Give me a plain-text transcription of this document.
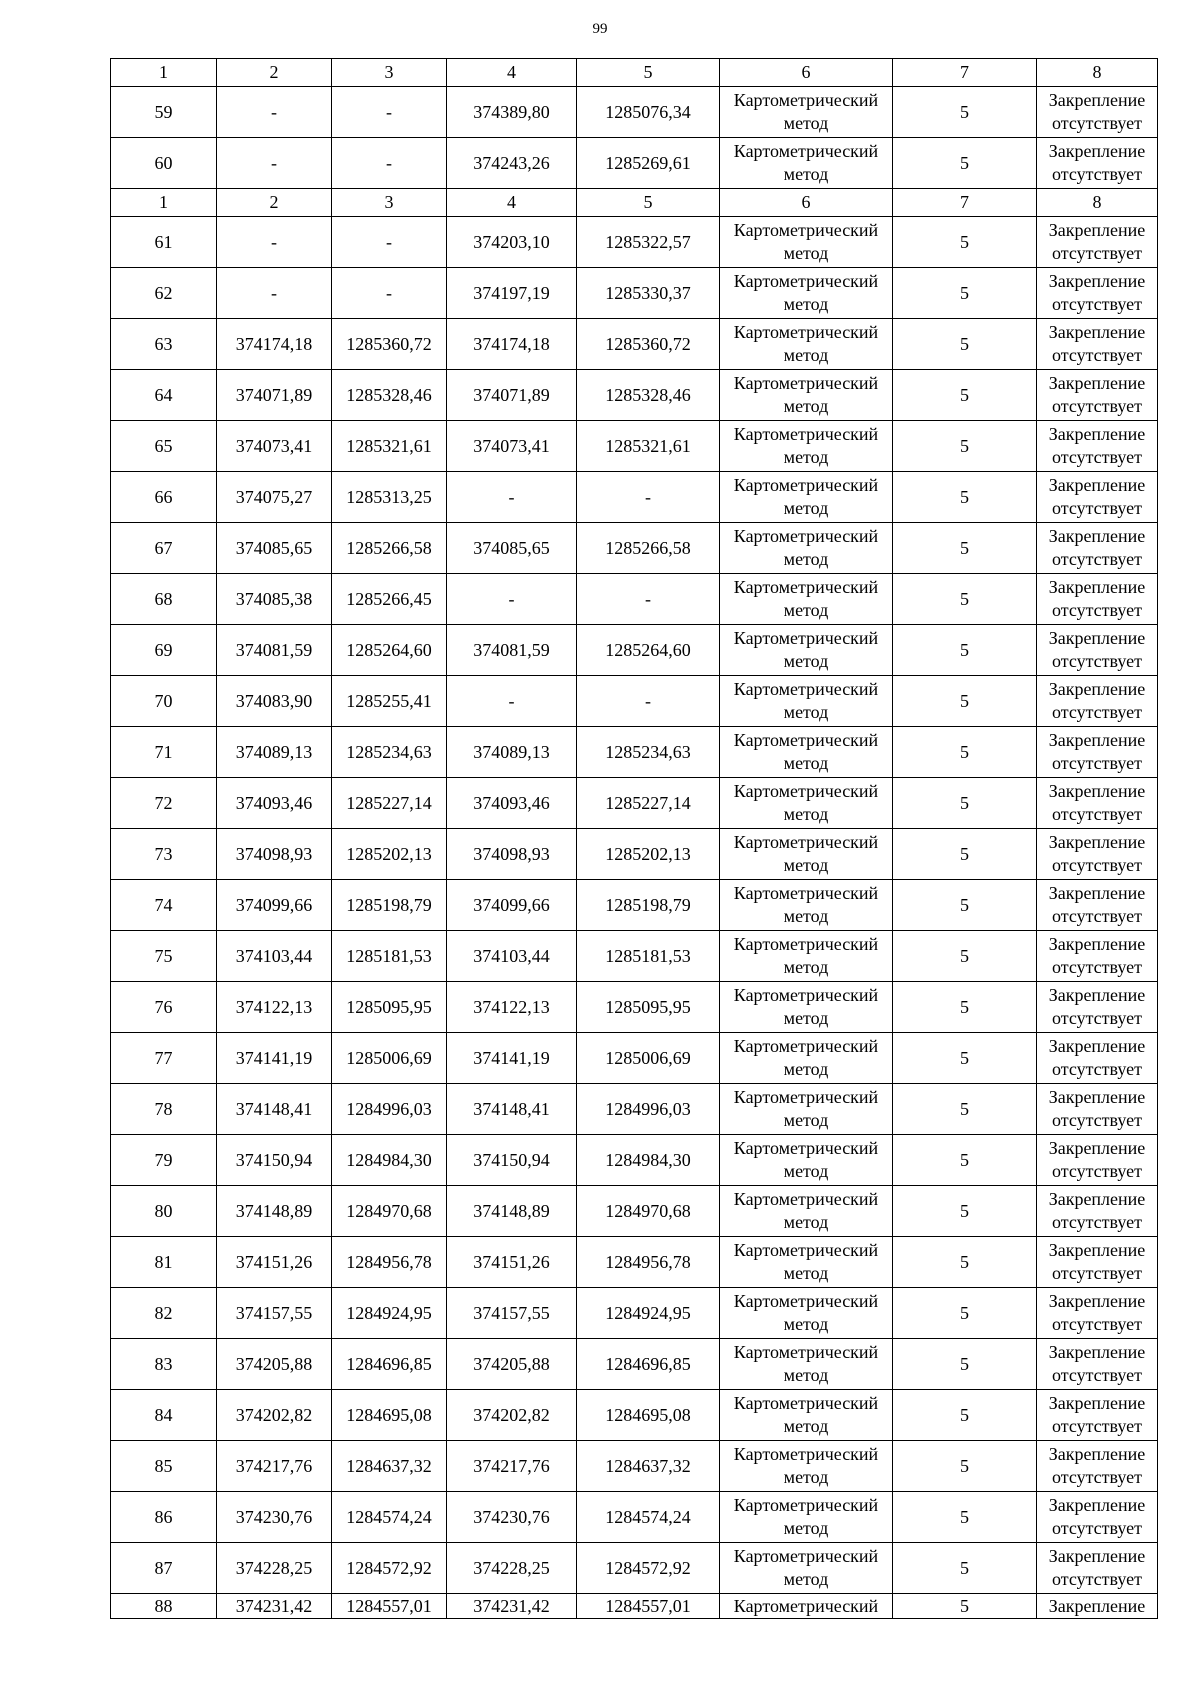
99
1	2	3	4	5	6	7	8
59	-	-	374389,80	1285076,34	Картометрический метод	5	Закрепление отсутствует
60	-	-	374243,26	1285269,61	Картометрический метод	5	Закрепление отсутствует
1	2	3	4	5	6	7	8
61	-	-	374203,10	1285322,57	Картометрический метод	5	Закрепление отсутствует
62	-	-	374197,19	1285330,37	Картометрический метод	5	Закрепление отсутствует
63	374174,18	1285360,72	374174,18	1285360,72	Картометрический метод	5	Закрепление отсутствует
64	374071,89	1285328,46	374071,89	1285328,46	Картометрический метод	5	Закрепление отсутствует
65	374073,41	1285321,61	374073,41	1285321,61	Картометрический метод	5	Закрепление отсутствует
66	374075,27	1285313,25	-	-	Картометрический метод	5	Закрепление отсутствует
67	374085,65	1285266,58	374085,65	1285266,58	Картометрический метод	5	Закрепление отсутствует
68	374085,38	1285266,45	-	-	Картометрический метод	5	Закрепление отсутствует
69	374081,59	1285264,60	374081,59	1285264,60	Картометрический метод	5	Закрепление отсутствует
70	374083,90	1285255,41	-	-	Картометрический метод	5	Закрепление отсутствует
71	374089,13	1285234,63	374089,13	1285234,63	Картометрический метод	5	Закрепление отсутствует
72	374093,46	1285227,14	374093,46	1285227,14	Картометрический метод	5	Закрепление отсутствует
73	374098,93	1285202,13	374098,93	1285202,13	Картометрический метод	5	Закрепление отсутствует
74	374099,66	1285198,79	374099,66	1285198,79	Картометрический метод	5	Закрепление отсутствует
75	374103,44	1285181,53	374103,44	1285181,53	Картометрический метод	5	Закрепление отсутствует
76	374122,13	1285095,95	374122,13	1285095,95	Картометрический метод	5	Закрепление отсутствует
77	374141,19	1285006,69	374141,19	1285006,69	Картометрический метод	5	Закрепление отсутствует
78	374148,41	1284996,03	374148,41	1284996,03	Картометрический метод	5	Закрепление отсутствует
79	374150,94	1284984,30	374150,94	1284984,30	Картометрический метод	5	Закрепление отсутствует
80	374148,89	1284970,68	374148,89	1284970,68	Картометрический метод	5	Закрепление отсутствует
81	374151,26	1284956,78	374151,26	1284956,78	Картометрический метод	5	Закрепление отсутствует
82	374157,55	1284924,95	374157,55	1284924,95	Картометрический метод	5	Закрепление отсутствует
83	374205,88	1284696,85	374205,88	1284696,85	Картометрический метод	5	Закрепление отсутствует
84	374202,82	1284695,08	374202,82	1284695,08	Картометрический метод	5	Закрепление отсутствует
85	374217,76	1284637,32	374217,76	1284637,32	Картометрический метод	5	Закрепление отсутствует
86	374230,76	1284574,24	374230,76	1284574,24	Картометрический метод	5	Закрепление отсутствует
87	374228,25	1284572,92	374228,25	1284572,92	Картометрический метод	5	Закрепление отсутствует
88	374231,42	1284557,01	374231,42	1284557,01	Картометрический	5	Закрепление
